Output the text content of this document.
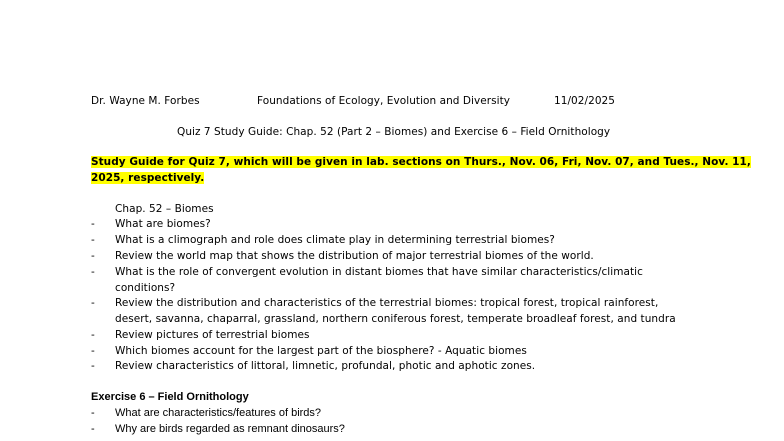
Dr. Wayne M. Forbes	Foundations of Ecology, Evolution and Diversity	11/02/2025
Quiz 7 Study Guide: Chap. 52 (Part 2 – Biomes) and Exercise 6 – Field Ornithology
Study Guide for Quiz 7, which will be given in lab. sections on Thurs., Nov. 06, Fri, Nov. 07, and Tues., Nov. 11,
2025, respectively.
Chap. 52 – Biomes
- What are biomes?
- What is a climograph and role does climate play in determining terrestrial biomes?
- Review the world map that shows the distribution of major terrestrial biomes of the world.
- What is the role of convergent evolution in distant biomes that have similar characteristics/climatic
conditions?
- Review the distribution and characteristics of the terrestrial biomes: tropical forest, tropical rainforest,
desert, savanna, chaparral, grassland, northern coniferous forest, temperate broadleaf forest, and tundra
- Review pictures of terrestrial biomes
- Which biomes account for the largest part of the biosphere? - Aquatic biomes
- Review characteristics of littoral, limnetic, profundal, photic and aphotic zones.
Exercise 6 – Field Ornithology
- What are characteristics/features of birds?
- Why are birds regarded as remnant dinosaurs?
